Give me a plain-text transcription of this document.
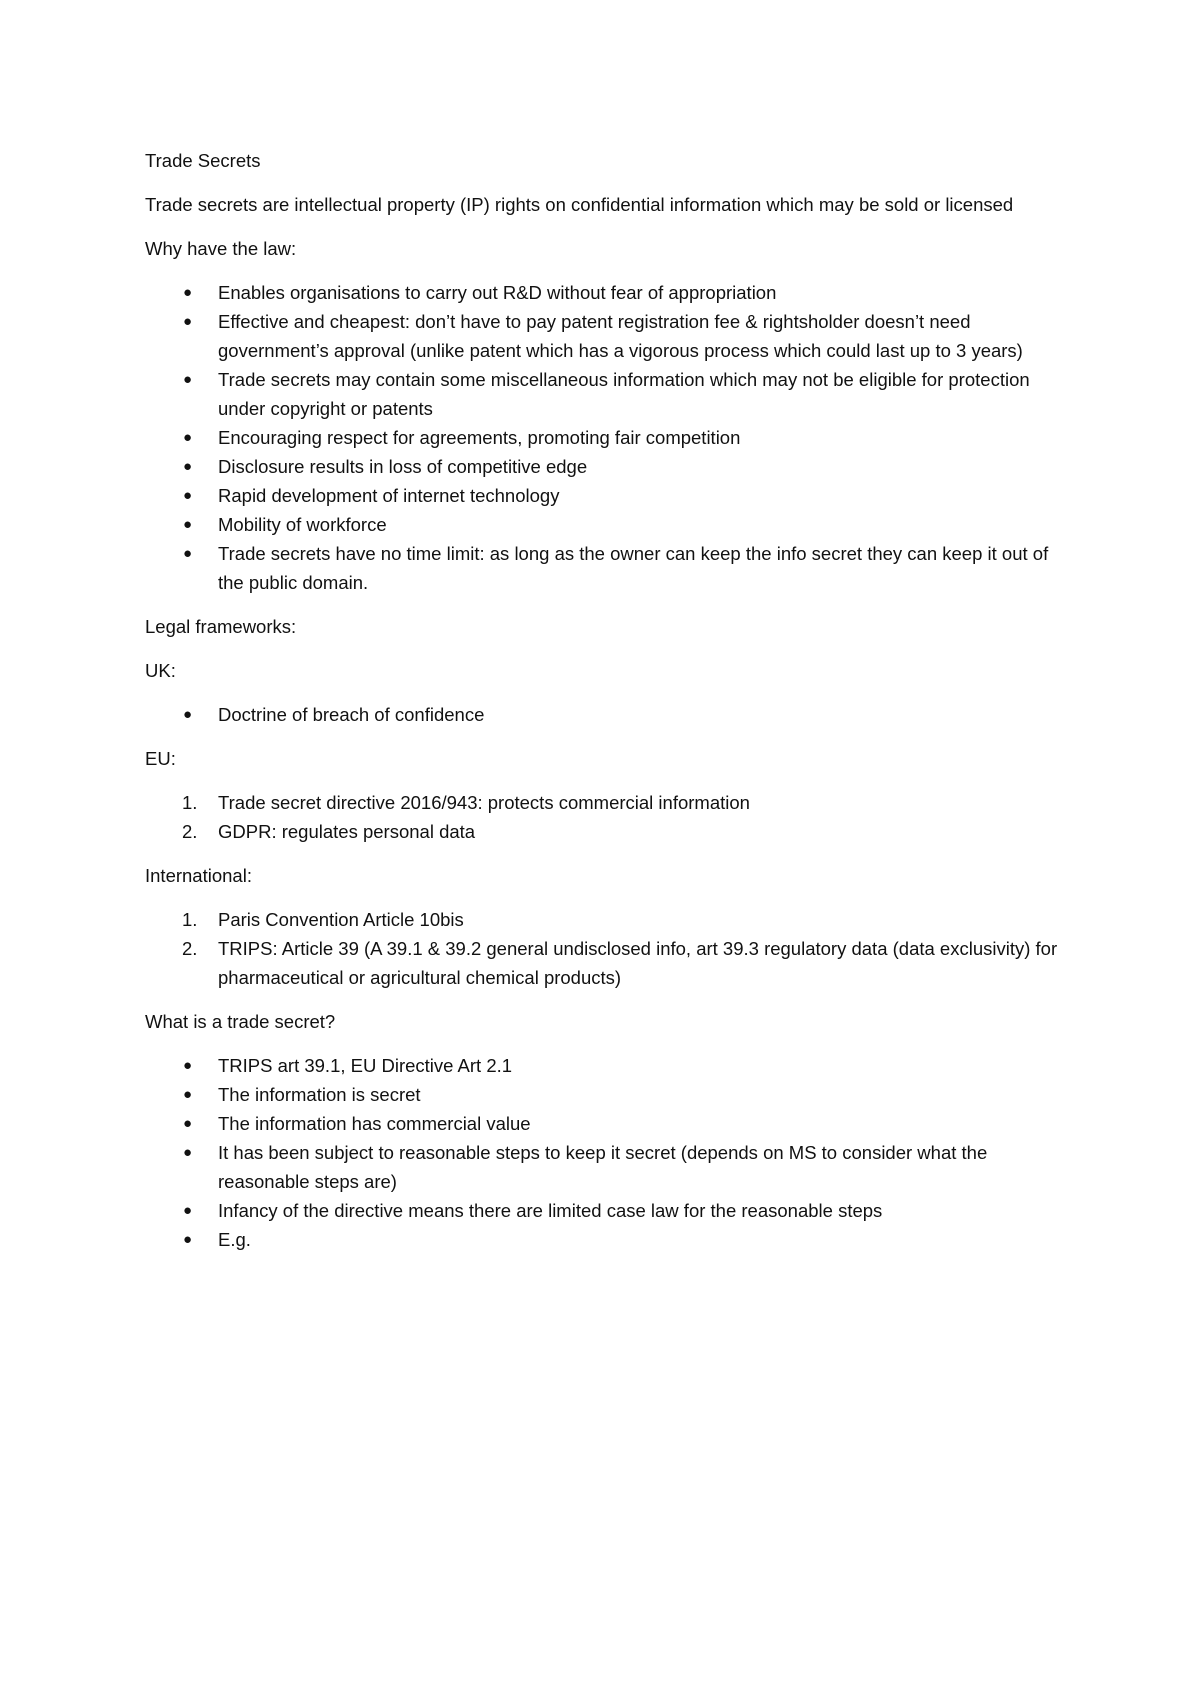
Trade Secrets

Trade secrets are intellectual property (IP) rights on confidential information which may be sold or licensed

Why have the law:

●	Enables organisations to carry out R&D without fear of appropriation
●	Effective and cheapest: don’t have to pay patent registration fee & rightsholder doesn’t need government’s approval (unlike patent which has a vigorous process which could last up to 3 years)
●	Trade secrets may contain some miscellaneous information which may not be eligible for protection under copyright or patents
●	Encouraging respect for agreements, promoting fair competition
●	Disclosure results in loss of competitive edge
●	Rapid development of internet technology
●	Mobility of workforce
●	Trade secrets have no time limit: as long as the owner can keep the info secret they can keep it out of the public domain.

Legal frameworks:

UK:

●	Doctrine of breach of confidence

EU:

1.	Trade secret directive 2016/943: protects commercial information
2.	GDPR: regulates personal data

International:

1.	Paris Convention Article 10bis
2.	TRIPS: Article 39 (A 39.1 & 39.2 general undisclosed info, art 39.3 regulatory data (data exclusivity) for pharmaceutical or agricultural chemical products)

What is a trade secret?

●	TRIPS art 39.1, EU Directive Art 2.1
●	The information is secret
●	The information has commercial value
●	It has been subject to reasonable steps to keep it secret (depends on MS to consider what the reasonable steps are)
●	Infancy of the directive means there are limited case law for the reasonable steps
●	E.g.
